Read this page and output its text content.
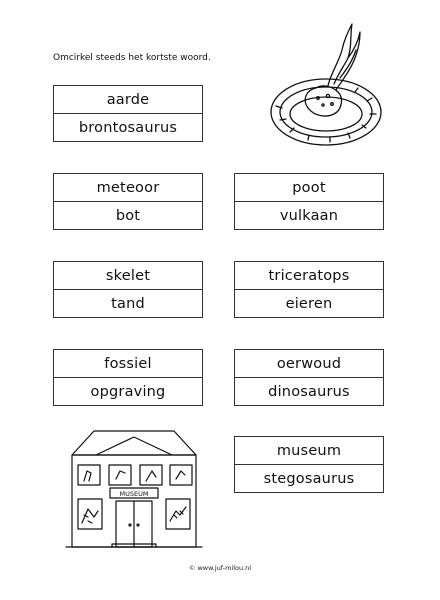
Omcirkel steeds het kortste woord.
aarde
brontosaurus
meteoor
bot
poot
vulkaan
skelet
tand
triceratops
eieren
fossiel
opgraving
oerwoud
dinosaurus
museum
stegosaurus
MUSEUM
© www.juf-milou.nl
